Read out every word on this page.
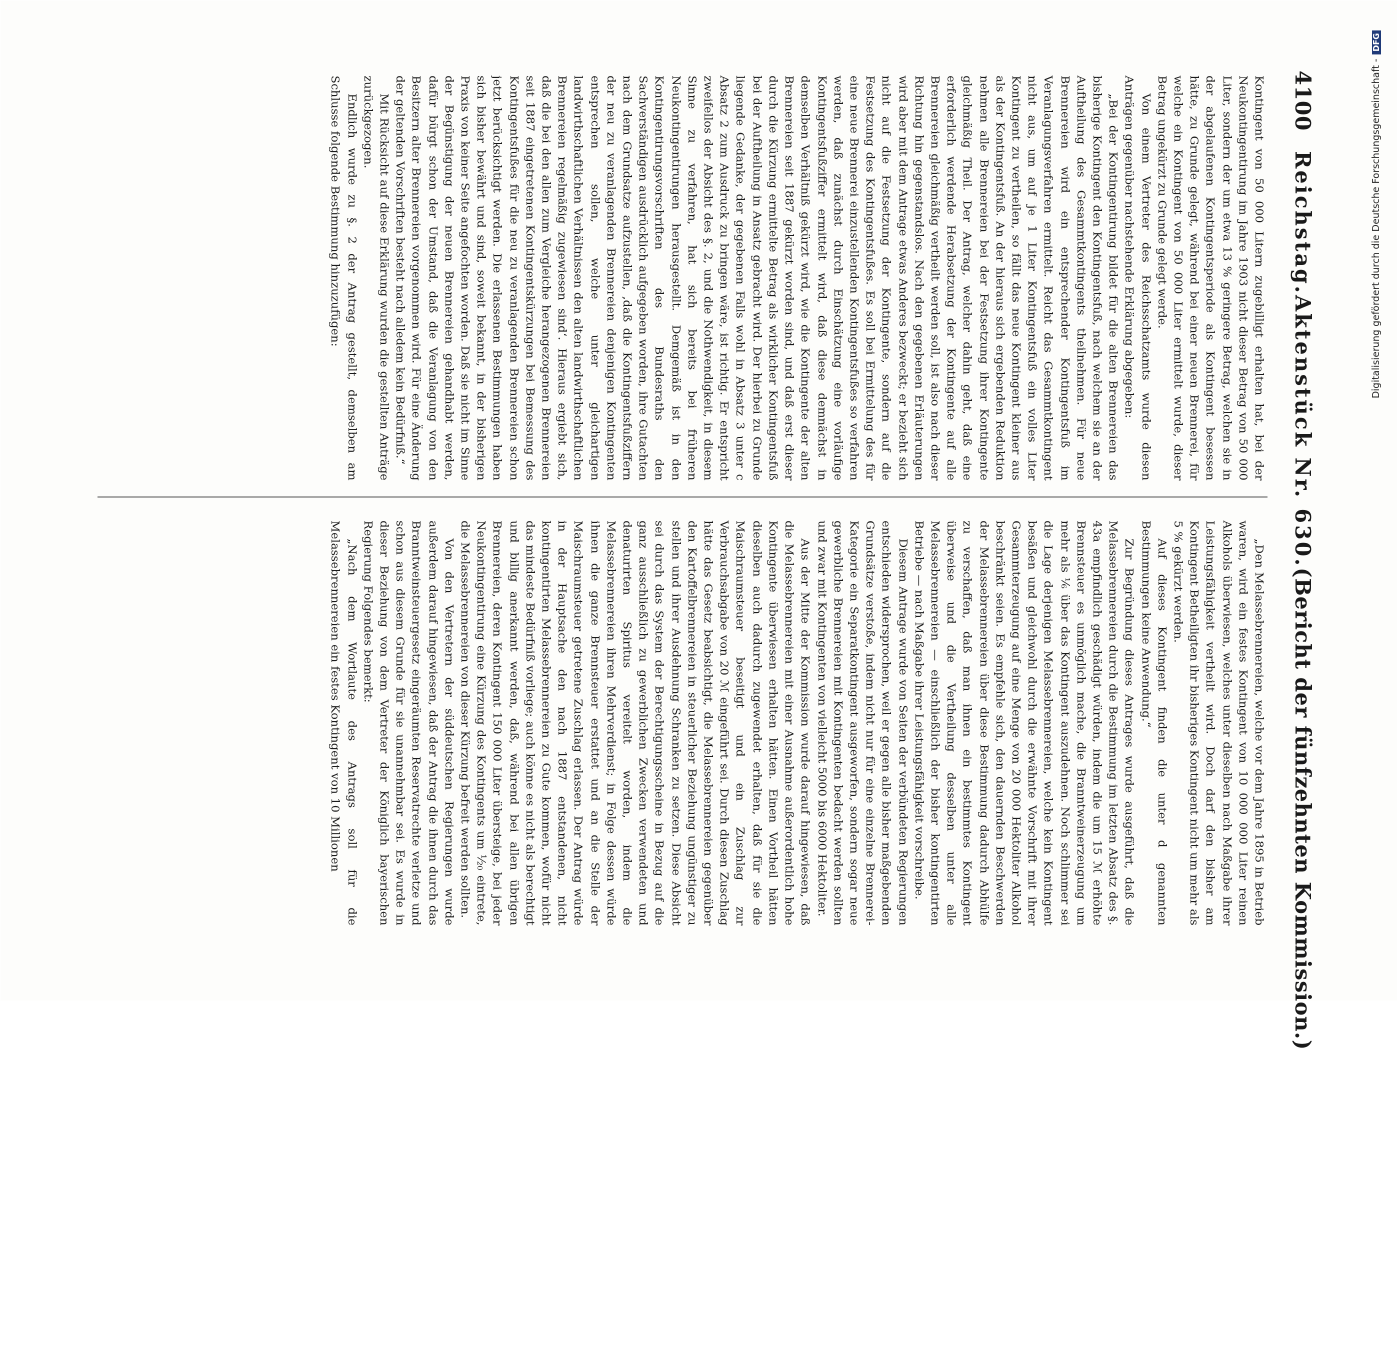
4100
Reichstag.
Aktenstück Nr. 630.
(Bericht der fünfzehnten Kommission.)

Kontingent von 50 000 Litern zugebilligt erhalten hat, bei der Neukontingentirung im Jahre 1903 nicht dieser Betrag von 50 000 Liter, sondern der um etwa 13 % geringere Betrag, welchen sie in der abgelaufenen Kontingentsperiode als Kontingent besessen hätte, zu Grunde gelegt, während bei einer neuen Brennerei, für welche ein Kontingent von 50 000 Liter ermittelt wurde, dieser Betrag ungekürzt zu Grunde gelegt werde.

Von einem Vertreter des Reichsschatzamts wurde diesen Anträgen gegenüber nachstehende Erklärung abgegeben:

„Bei der Kontingentirung bildet für die alten Brennereien das bisherige Kontingent den Kontingentsfuß, nach welchem sie an der Auftheilung des Gesammtkontingents theilnehmen. Für neue Brennereien wird ein entsprechender Kontingentsfuß im Veranlagungsverfahren ermittelt. Reicht das Gesammtkontingent nicht aus, um auf je 1 Liter Kontingentsfuß ein volles Liter Kontingent zu vertheilen, so fällt das neue Kontingent kleiner aus als der Kontingentsfuß. An der hieraus sich ergebenden Reduktion nehmen alle Brennereien bei der Festsetzung ihrer Kontingente gleichmäßig Theil. Der Antrag, welcher dahin geht, daß eine erforderlich werdende Herabsetzung der Kontingente auf alle Brennereien gleichmäßig vertheilt werden soll, ist also nach dieser Richtung hin gegenstandslos. Nach den gegebenen Erläuterungen wird aber mit dem Antrage etwas Anderes bezweckt; er bezieht sich nicht auf die Festsetzung der Kontingente, sondern auf die Festsetzung des Kontingentsfußes. Es soll bei Ermittelung des für eine neue Brennerei einzustellenden Kontingentsfußes so verfahren werden, daß zunächst durch Einschätzung eine vorläufige Kontingentsfußziffer ermittelt wird, daß diese demnächst in demselben Verhältniß gekürzt wird, wie die Kontingente der alten Brennereien seit 1887 gekürzt worden sind, und daß erst dieser durch die Kürzung ermittelte Betrag als wirklicher Kontingentsfuß bei der Auftheilung in Ansatz gebracht wird. Der hierbei zu Grunde liegende Gedanke, der gegebenen Falls wohl in Absatz 3 unter c Absatz 2 zum Ausdruck zu bringen wäre, ist richtig. Er entspricht zweifellos der Absicht des §. 2, und die Nothwendigkeit, in diesem Sinne zu verfahren, hat sich bereits bei früheren Neukontingentirungen herausgestellt. Demgemäß ist in den Kontingentirungsvorschriften des Bundesraths den Sachverständigen ausdrücklich aufgegeben worden, ihre Gutachten nach dem Grundsatze aufzustellen, ‚daß die Kontingentsfußziffern der neu zu veranlagenden Brennereien denjenigen Kontingenten entsprechen sollen, welche unter gleichartigen landwirthschaftlichen Verhältnissen den alten landwirthschaftlichen Brennereien regelmäßig zugewiesen sind‘. Hieraus ergiebt sich, daß die bei den allen zum Vergleiche herangezogenen Brennereien seit 1887 eingetretenen Kontingentskürzungen bei Bemessung des Kontingentsfußes für die neu zu veranlagenden Brennereien schon jetzt berücksichtigt werden. Die erlassenen Bestimmungen haben sich bisher bewährt und sind, soweit bekannt, in der bisherigen Praxis von keiner Seite angefochten worden. Daß sie nicht im Sinne der Begünstigung der neuen Brennereien gehandhabt werden, dafür bürgt schon der Umstand, daß die Veranlagung von den Besitzern alter Brennereien vorgenommen wird. Für eine Änderung der geltenden Vorschriften besteht nach alledem kein Bedürfniß.“

Mit Rücksicht auf diese Erklärung wurden die gestellten Anträge zurückgezogen.

Endlich wurde zu §. 2 der Antrag gestellt, demselben am Schlusse folgende Bestimmung hinzuzufügen:

„Den Melassebrennereien, welche vor dem Jahre 1895 in Betrieb waren, wird ein festes Kontingent von 10 000 000 Liter reinen Alkohols überwiesen, welches unter dieselben nach Maßgabe ihrer Leistungsfähigkeit vertheilt wird. Doch darf den bisher am Kontingent Betheiligten ihr bisheriges Kontingent nicht um mehr als 5 % gekürzt werden.

Auf dieses Kontingent finden die unter d genannten Bestimmungen keine Anwendung.“

Zur Begründung dieses Antrages wurde ausgeführt, daß die Melassebrennereien durch die Bestimmung im letzten Absatz des §. 43a empfindlich geschädigt würden, indem die um 15 ℳ erhöhte Brennsteuer es unmöglich mache, die Branntweinerzeugung um mehr als ⅙ über das Kontingent auszudehnen. Noch schlimmer sei die Lage derjenigen Melassebrennereien, welche kein Kontingent besäßen und gleichwohl durch die erwähnte Vorschrift mit ihrer Gesammterzeugung auf eine Menge von 20 000 Hektoliter Alkohol beschränkt seien. Es empfehle sich, den dauernden Beschwerden der Melassebrennereien über diese Bestimmung dadurch Abhülfe zu verschaffen, daß man ihnen ein bestimmtes Kontingent überweise und die Vertheilung desselben unter alle Melassebrennereien — einschließlich der bisher kontingentirten Betriebe — nach Maßgabe ihrer Leistungsfähigkeit vorschreibe.

Diesem Antrage wurde von Seiten der verbündeten Regierungen entschieden widersprochen, weil er gegen alle bisher maßgebenden Grundsätze verstoße, indem nicht nur für eine einzelne Brennerei-Kategorie ein Separatkontingent ausgeworfen, sondern sogar neue gewerbliche Brennereien mit Kontingenten bedacht werden sollten und zwar mit Kontingenten von vielleicht 5000 bis 6000 Hektoliter.

Aus der Mitte der Kommission wurde darauf hingewiesen, daß die Melassebrennereien mit einer Ausnahme außerordentlich hohe Kontingente überwiesen erhalten hätten. Einen Vortheil hätten dieselben auch dadurch zugewendet erhalten, daß für sie die Maischraumsteuer beseitigt und ein Zuschlag zur Verbrauchsabgabe von 20 ℳ eingeführt sei. Durch diesen Zuschlag hätte das Gesetz beabsichtigt, die Melassebrennereien gegenüber den Kartoffelbrennereien in steuerlicher Beziehung ungünstiger zu stellen und ihrer Ausdehnung Schranken zu setzen. Diese Absicht sei durch das System der Berechtigungsscheine in Bezug auf die ganz ausschließlich zu gewerblichen Zwecken verwendeten und denaturirten Spiritus vereitelt worden, indem die Melassebrennereien ihren Mehrverdienst; in Folge dessen würde ihnen die ganze Brennsteuer erstattet und an die Stelle der Maischraumsteuer getretene Zuschlag erlassen. Der Antrag würde in der Hauptsache den nach 1887 entstandenen, nicht kontingentirten Melassebrennereien zu Gute kommen, wofür nicht das mindeste Bedürfniß vorliege; auch könne es nicht als berechtigt und billig anerkannt werden, daß, während bei allen übrigen Brennereien, deren Kontingent 150 000 Liter übersteige, bei jeder Neukontingentirung eine Kürzung des Kontingents um ¹⁄₂₀ eintrete, die Melassebrennereien von dieser Kürzung befreit werden sollten.

Von den Vertretern der süddeutschen Regierungen wurde außerdem darauf hingewiesen, daß der Antrag die ihnen durch das Branntweinsteuergesetz eingeräumten Reservatrechte verletze und schon aus diesem Grunde für sie unannehmbar sei. Es wurde in dieser Beziehung von dem Vertreter der Königlich bayerischen Regierung Folgendes bemerkt:

„Nach dem Wortlaute des Antrags soll für die Melassebrennereien ein festes Kontingent von 10 Millionen

Digitalisierung gefördert durch die Deutsche Forschungsgemeinschaft -DFG
